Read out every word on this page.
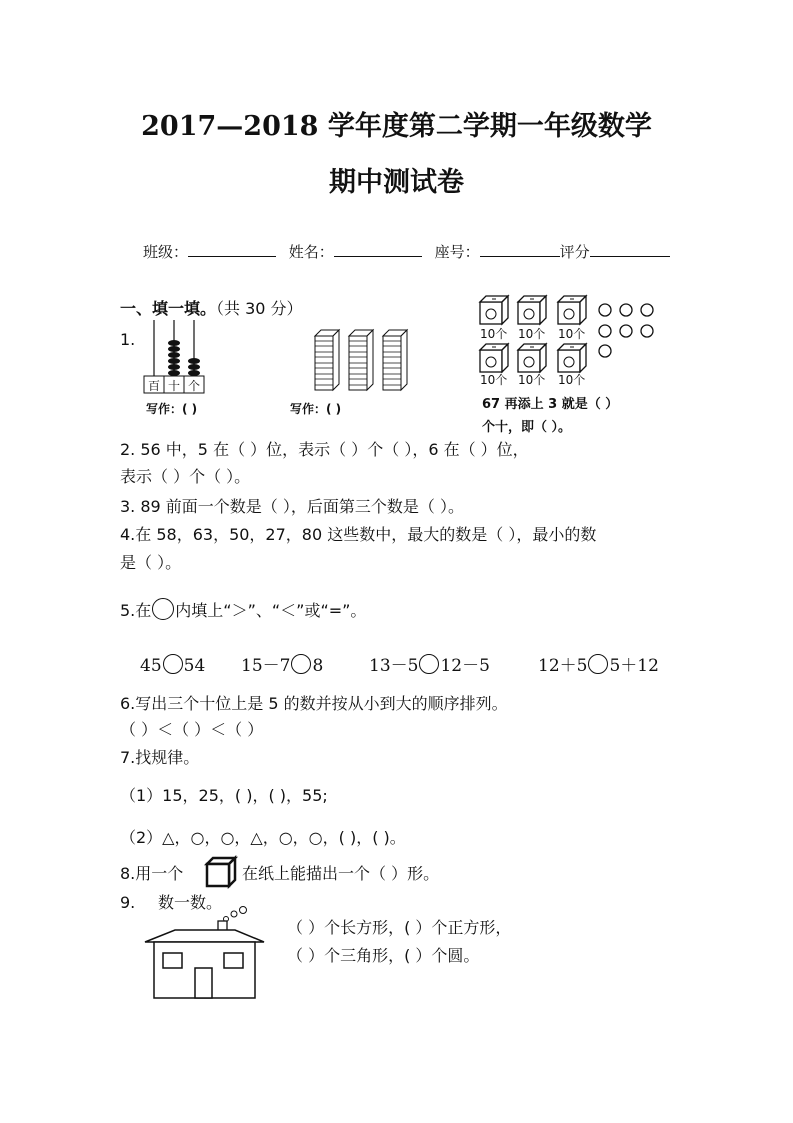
2017—2018 学年度第二学期一年级数学
期中测试卷
班级：	姓名：	座号：	评分
一、填一填。（共 30 分）
1.
百 十 个
写作：( )	写作：( )
10个 10个 10个
10个 10个 10个
67 再添上 3 就是（ ）
个十，即（ ）。
2. 56 中，5 在（ ）位，表示（ ）个（ ），6 在（ ）位，
表示（ ）个（ ）。
3. 89 前面一个数是（ ），后面第三个数是（ ）。
4.在 58，63，50，27，80 这些数中，最大的数是（ ），最小的数
是（ ）。
5.在 内填上“＞”、“＜”或“=”。
45 54 15－7 8	13－5 12－5	12＋5 5＋12
6.写出三个十位上是 5 的数并按从小到大的顺序排列。
（ ）＜（ ）＜（ ）
7.找规律。
（1）15，25，( )，( )，55;
（2）△，○，○，△，○，○，( )，( )。
8.用一个	在纸上能描出一个（ ）形。
9. 数一数。
（ ）个长方形，( ）个正方形，
（ ）个三角形，( ）个圆。
